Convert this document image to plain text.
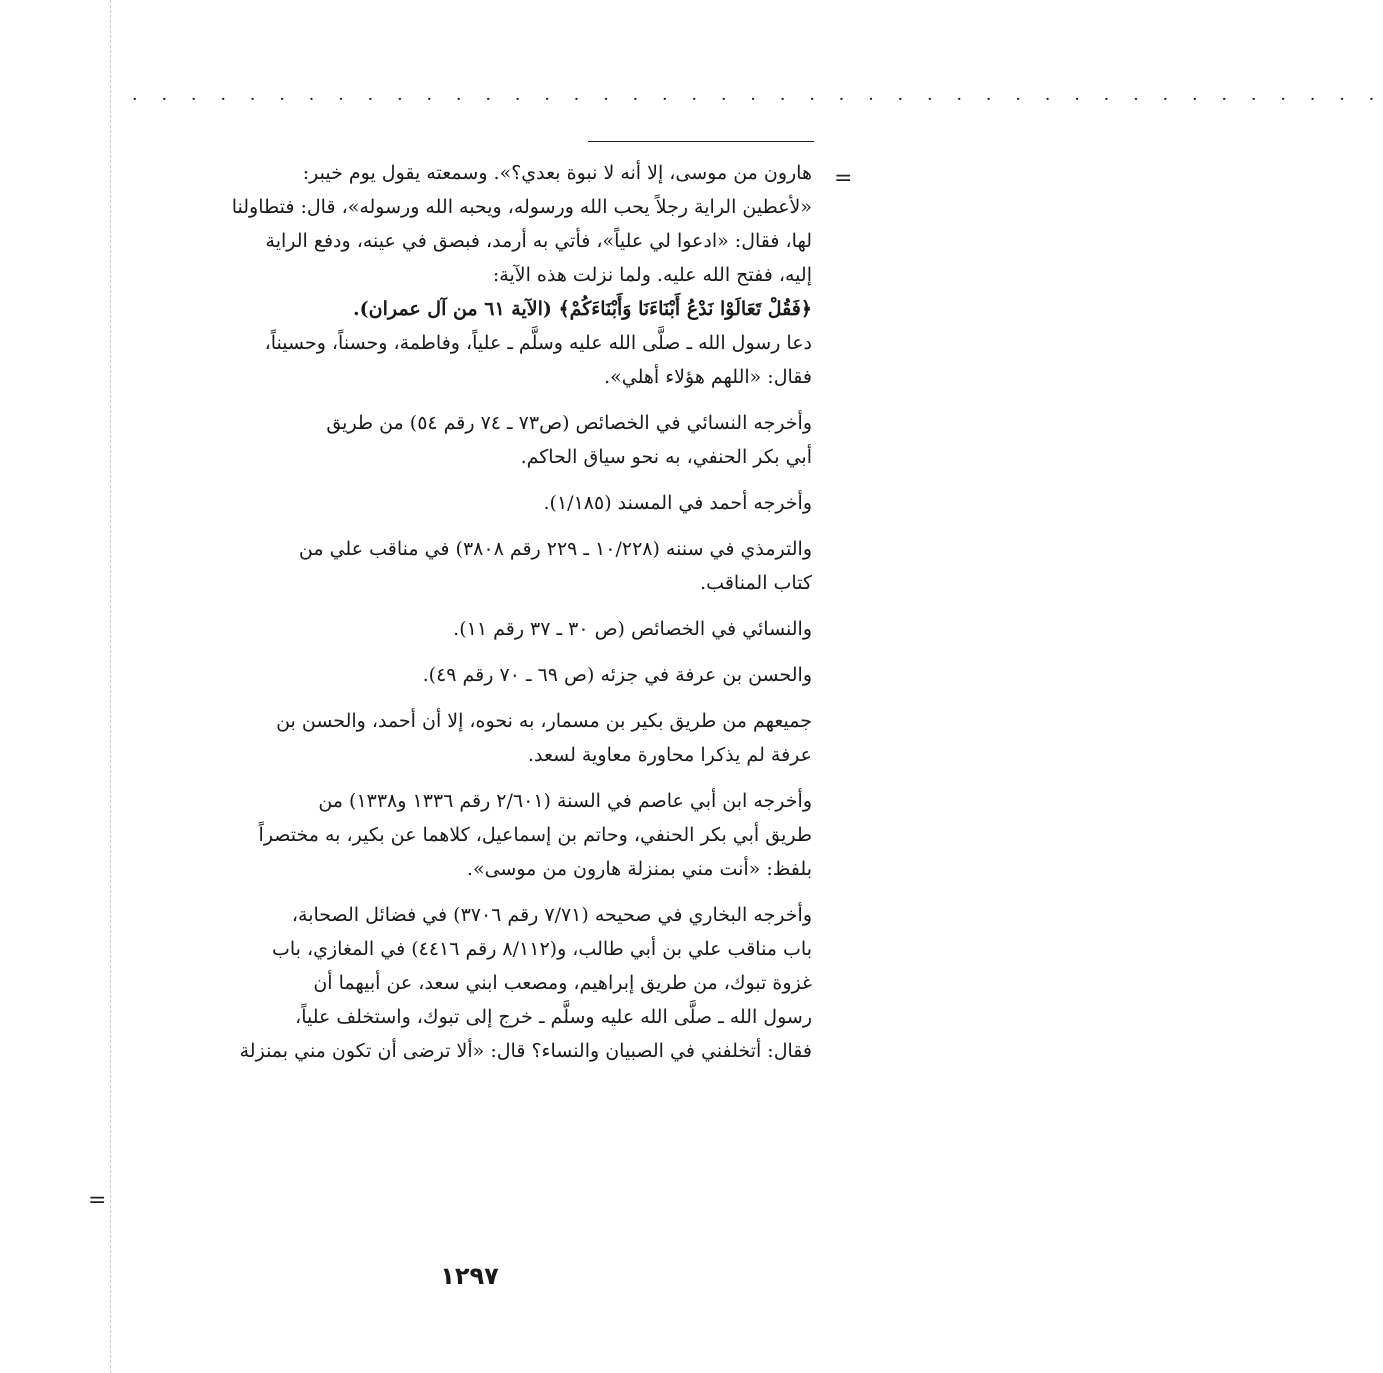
· · · · · · · · · · · · · · · · · · · · · · · · · · · · · · · · · · · · · · · · · · ·
=
=

هارون من موسى، إلا أنه لا نبوة بعدي؟». وسمعته يقول يوم خيبر:
«لأعطين الراية رجلاً يحب الله ورسوله، ويحبه الله ورسوله»، قال: فتطاولنا
لها، فقال: «ادعوا لي علياً»، فأتي به أرمد، فبصق في عينه، ودفع الراية
إليه، ففتح الله عليه. ولما نزلت هذه الآية:
﴿فَقُلْ تَعَالَوْا نَدْعُ أَبْنَاءَنَا وَأَبْنَاءَكُمْ﴾ (الآية ٦١ من آل عمران).
دعا رسول الله ـ صلَّى الله عليه وسلَّم ـ علياً، وفاطمة، وحسناً، وحسيناً،
فقال: «اللهم هؤلاء أهلي».

وأخرجه النسائي في الخصائص (ص٧٣ ـ ٧٤ رقم ٥٤) من طريق
أبي بكر الحنفي، به نحو سياق الحاكم.

وأخرجه أحمد في المسند (١/١٨٥).

والترمذي في سننه (١٠/٢٢٨ ـ ٢٢٩ رقم ٣٨٠٨) في مناقب علي من
كتاب المناقب.

والنسائي في الخصائص (ص ٣٠ ـ ٣٧ رقم ١١).

والحسن بن عرفة في جزئه (ص ٦٩ ـ ٧٠ رقم ٤٩).

جميعهم من طريق بكير بن مسمار، به نحوه، إلا أن أحمد، والحسن بن
عرفة لم يذكرا محاورة معاوية لسعد.

وأخرجه ابن أبي عاصم في السنة (٢/٦٠١ رقم ١٣٣٦ و١٣٣٨) من
طريق أبي بكر الحنفي، وحاتم بن إسماعيل، كلاهما عن بكير، به مختصراً
بلفظ: «أنت مني بمنزلة هارون من موسى».

وأخرجه البخاري في صحيحه (٧/٧١ رقم ٣٧٠٦) في فضائل الصحابة،
باب مناقب علي بن أبي طالب، و(٨/١١٢ رقم ٤٤١٦) في المغازي، باب
غزوة تبوك، من طريق إبراهيم، ومصعب ابني سعد، عن أبيهما أن
رسول الله ـ صلَّى الله عليه وسلَّم ـ خرج إلى تبوك، واستخلف علياً،
فقال: أتخلفني في الصبيان والنساء؟ قال: «ألا ترضى أن تكون مني بمنزلة

١٢٩٧
